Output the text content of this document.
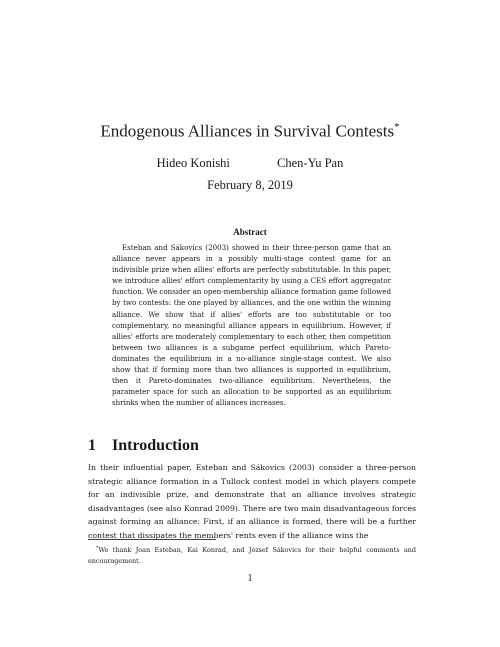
Endogenous Alliances in Survival Contests*
Hideo Konishi	Chen-Yu Pan
February 8, 2019
Abstract

Esteban and Sákovics (2003) showed in their three-person game that an alliance never appears in a possibly multi-stage contest game for an indivisible prize when allies' efforts are perfectly substitutable. In this paper, we introduce allies' effort complementarity by using a CES effort aggregator function. We consider an open-membership alliance formation game followed by two contests: the one played by alliances, and the one within the winning alliance. We show that if allies' efforts are too substitutable or too complementary, no meaningful alliance appears in equilibrium. However, if allies' efforts are moderately complementary to each other, then competition between two alliances is a subgame perfect equilibrium, which Pareto-dominates the equilibrium in a no-alliance single-stage contest. We also show that if forming more than two alliances is supported in equilibrium, then it Pareto-dominates two-alliance equilibrium. Nevertheless, the parameter space for such an allocation to be supported as an equilibrium shrinks when the number of alliances increases.

1 Introduction

In their influential paper, Esteban and Sákovics (2003) consider a three-person strategic alliance formation in a Tullock contest model in which players compete for an indivisible prize, and demonstrate that an alliance involves strategic disadvantages (see also Konrad 2009). There are two main disadvantageous forces against forming an alliance: First, if an alliance is formed, there will be a further contest that dissipates the members' rents even if the alliance wins the

*We thank Joan Esteban, Kai Konrad, and József Sákovics for their helpful comments and encouragement.

1
